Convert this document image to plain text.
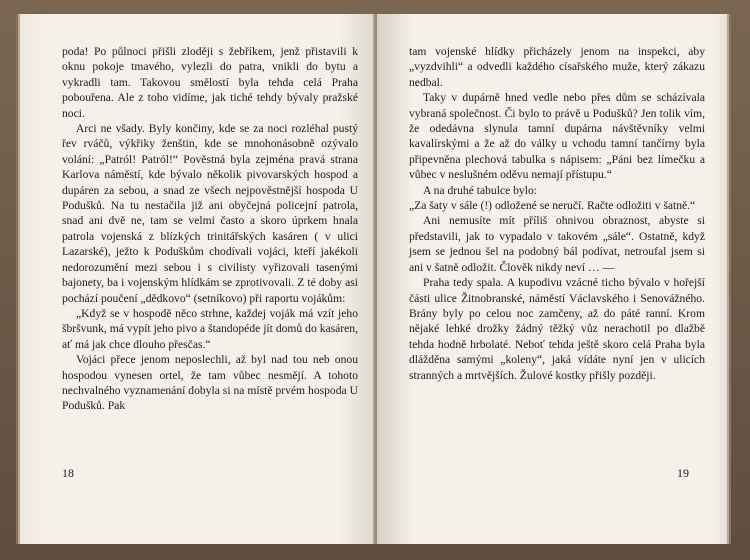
poda! Po půlnoci přišli zloději s žebříkem, jenž přistavili k oknu pokoje tmavého, vylezli do patra, vnikli do bytu a vykradli tam. Takovou smělostí byla tehda celá Praha pobouřena. Ale z toho vidíme, jak tiché tehdy bývaly pražské noci.

Arci ne všady. Byly končiny, kde se za noci rozléhal pustý řev rváčů, výkřiky ženštin, kde se mnohonásobně ozývalo volání: „Patról! Patról!“ Pověstná byla zejména pravá strana Karlova náměstí, kde bývalo několik pivovarských hospod a dupáren za sebou, a snad ze všech nejpověstnější hospoda U Podušků. Na tu nestačila již ani obyčejná policejní patrola, snad ani dvě ne, tam se velmi často a skoro úprkem hnala patrola vojenská z blízkých trinitářských kasáren ( v ulici Lazarské), ježto k Poduškům chodívali vojáci, kteří jakékoli nedorozumění mezi sebou i s civilisty vyřizovali tasenými bajonety, ba i vojenským hlídkám se zprotivovali. Z té doby asi pochází poučení „dědkovo“ (setníkovo) při raportu vojákům:

„Když se v hospodě něco strhne, každej voják má vzít jeho šbršvunk, má vypít jeho pivo a štandopéde jít domů do kasáren, ať má jak chce dlouho přesčas.“

Vojáci přece jenom neposlechli, až byl nad tou neb onou hospodou vynesen ortel, že tam vůbec nesmějí. A tohoto nechvalného vyznamenání dobyla si na místě prvém hospoda U Podušků. Pak

18

tam vojenské hlídky přicházely jenom na inspekci, aby „vyzdvihli“ a odvedli každého císařského muže, který zákazu nedbal.

Taky v dupárně hned vedle nebo přes dům se scházívala vybraná společnost. Či bylo to právě u Podušků? Jen tolik vím, že odedávna slynula tamní dupárna návštěvníky velmi kavalírskými a že až do války u vchodu tamní tančírny byla připevněna plechová tabulka s nápisem: „Páni bez límečku a vůbec v neslušném oděvu nemají přístupu.“

A na druhé tabulce bylo:

„Za šaty v sále (!) odložené se neručí. Račte odložiti v šatně.“

Ani nemusíte mít příliš ohnivou obraznost, abyste si představili, jak to vypadalo v takovém „sále“. Ostatně, když jsem se jednou šel na podobný bál podívat, netroufal jsem si ani v šatně odložit. Člověk nikdy neví … —

Praha tedy spala. A kupodivu vzácné ticho bývalo v hořejší části ulice Žitnobranské, náměstí Václavského i Senovážného. Brány byly po celou noc zamčeny, až do páté ranní. Krom nějaké lehké drožky žádný těžký vůz nerachotil po dlažbě tehda hodně hrbolaté. Neboť tehda ještě skoro celá Praha byla dlážděna samými „koleny“, jaká vídáte nyní jen v ulicích stranných a mrtvějších. Žulové kostky přišly později.

19
